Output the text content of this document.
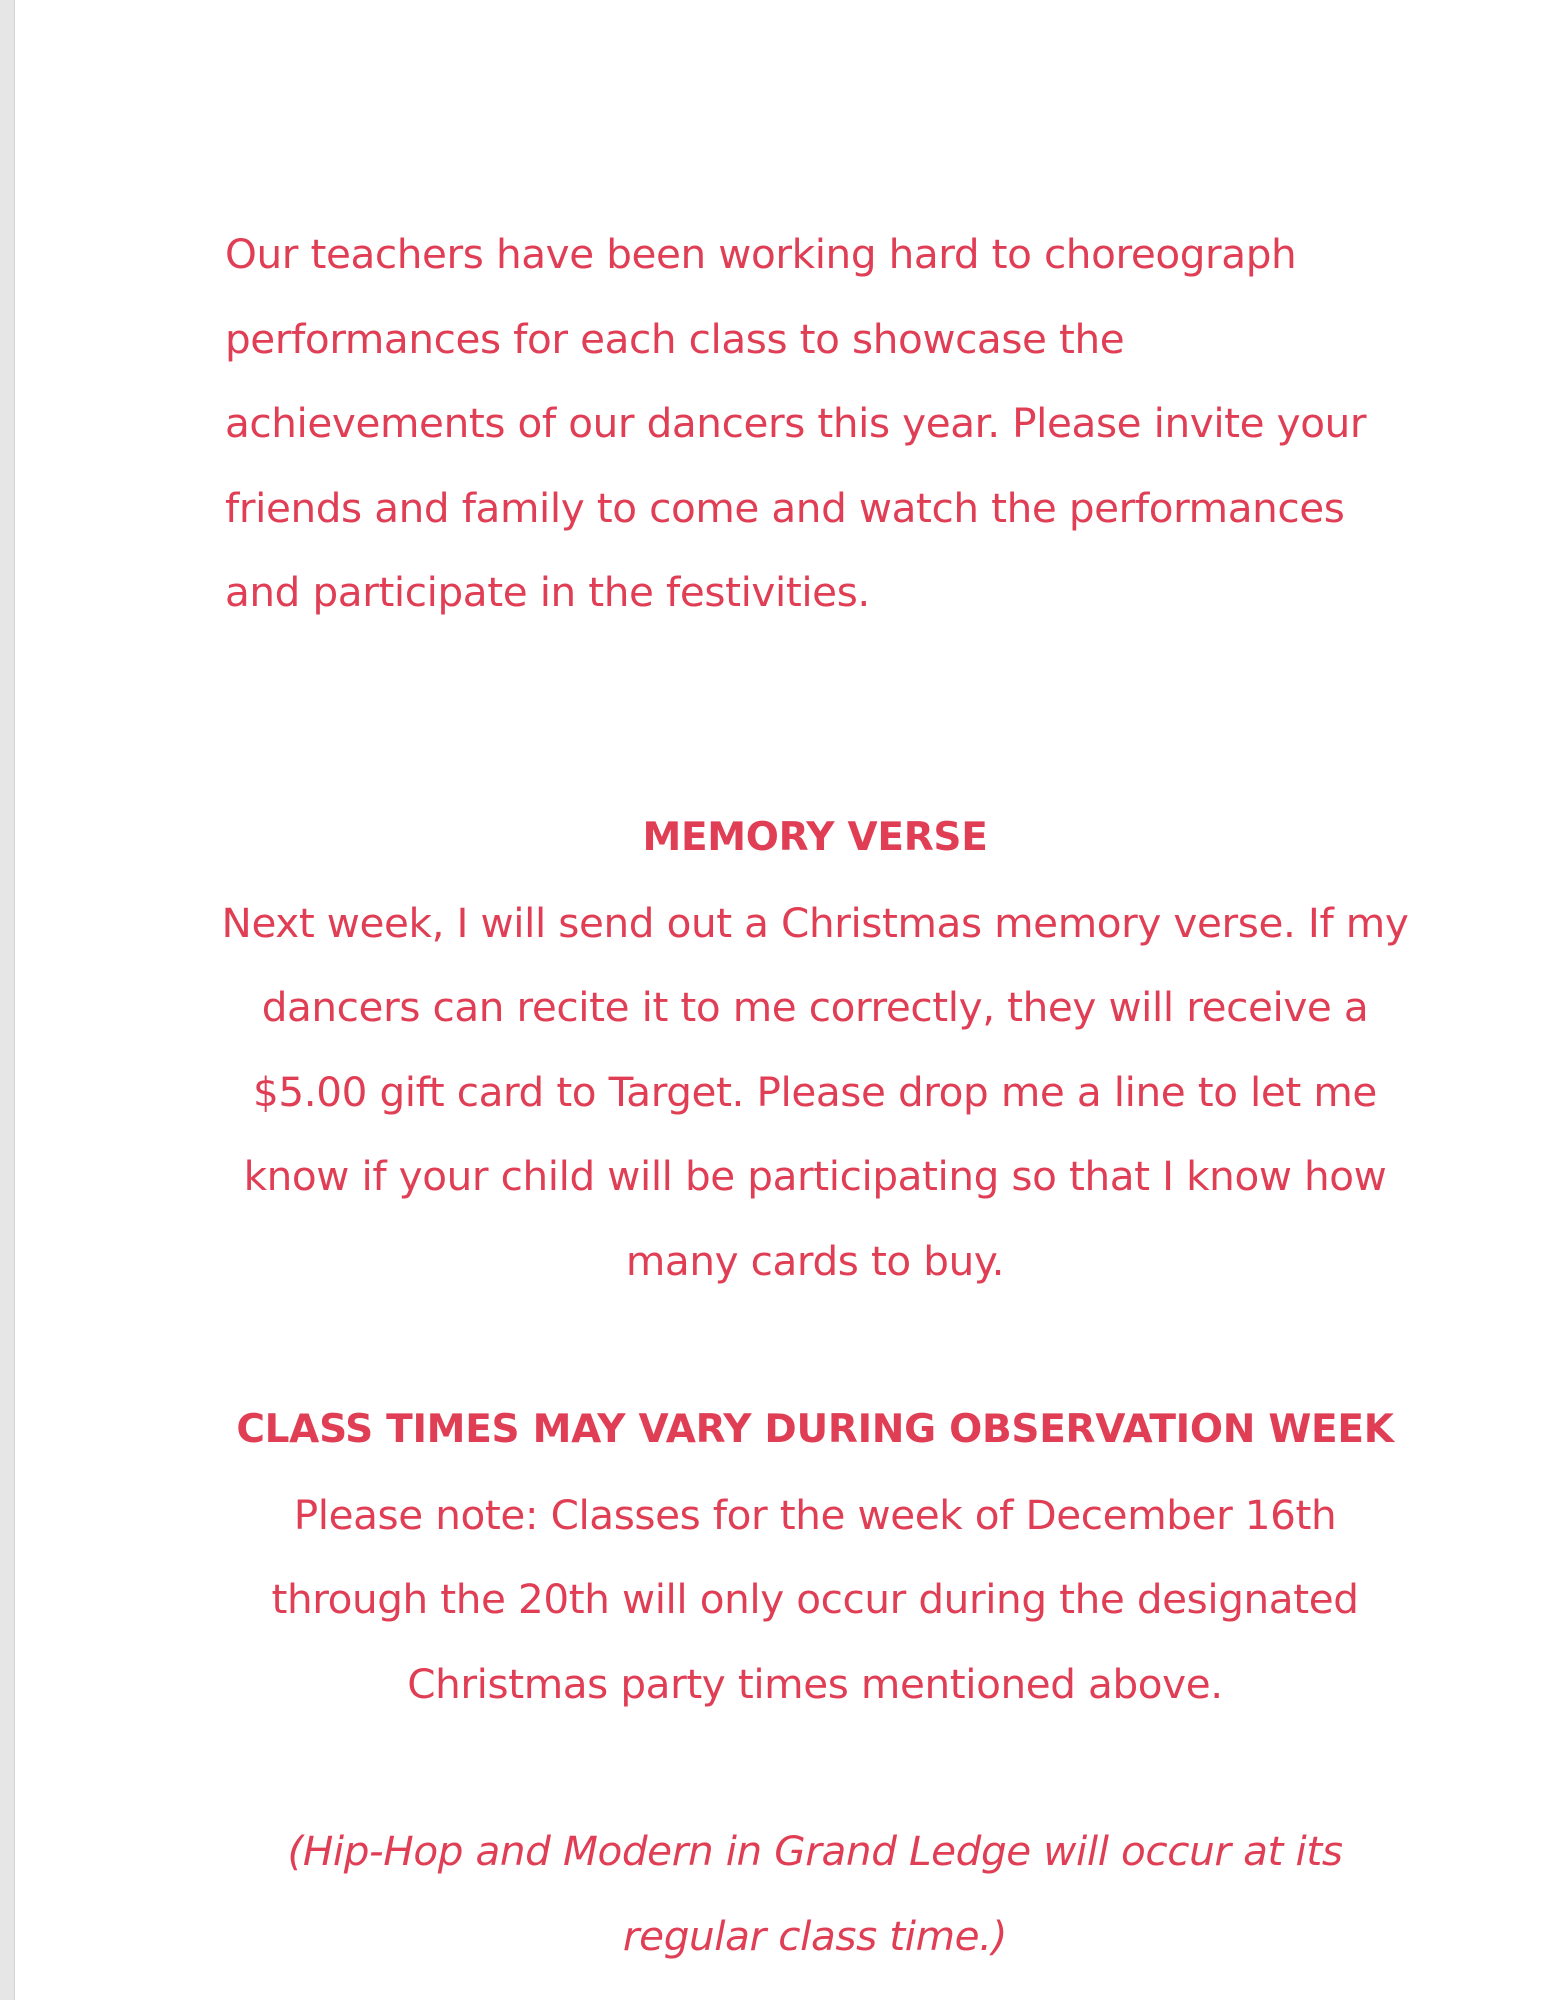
Our teachers have been working hard to choreograph performances for each class to showcase the achievements of our dancers this year. Please invite your friends and family to come and watch the performances and participate in the festivities.

MEMORY VERSE

Next week, I will send out a Christmas memory verse. If my dancers can recite it to me correctly, they will receive a $5.00 gift card to Target. Please drop me a line to let me know if your child will be participating so that I know how many cards to buy.

CLASS TIMES MAY VARY DURING OBSERVATION WEEK

Please note: Classes for the week of December 16th through the 20th will only occur during the designated Christmas party times mentioned above.

(Hip-Hop and Modern in Grand Ledge will occur at its regular class time.)
